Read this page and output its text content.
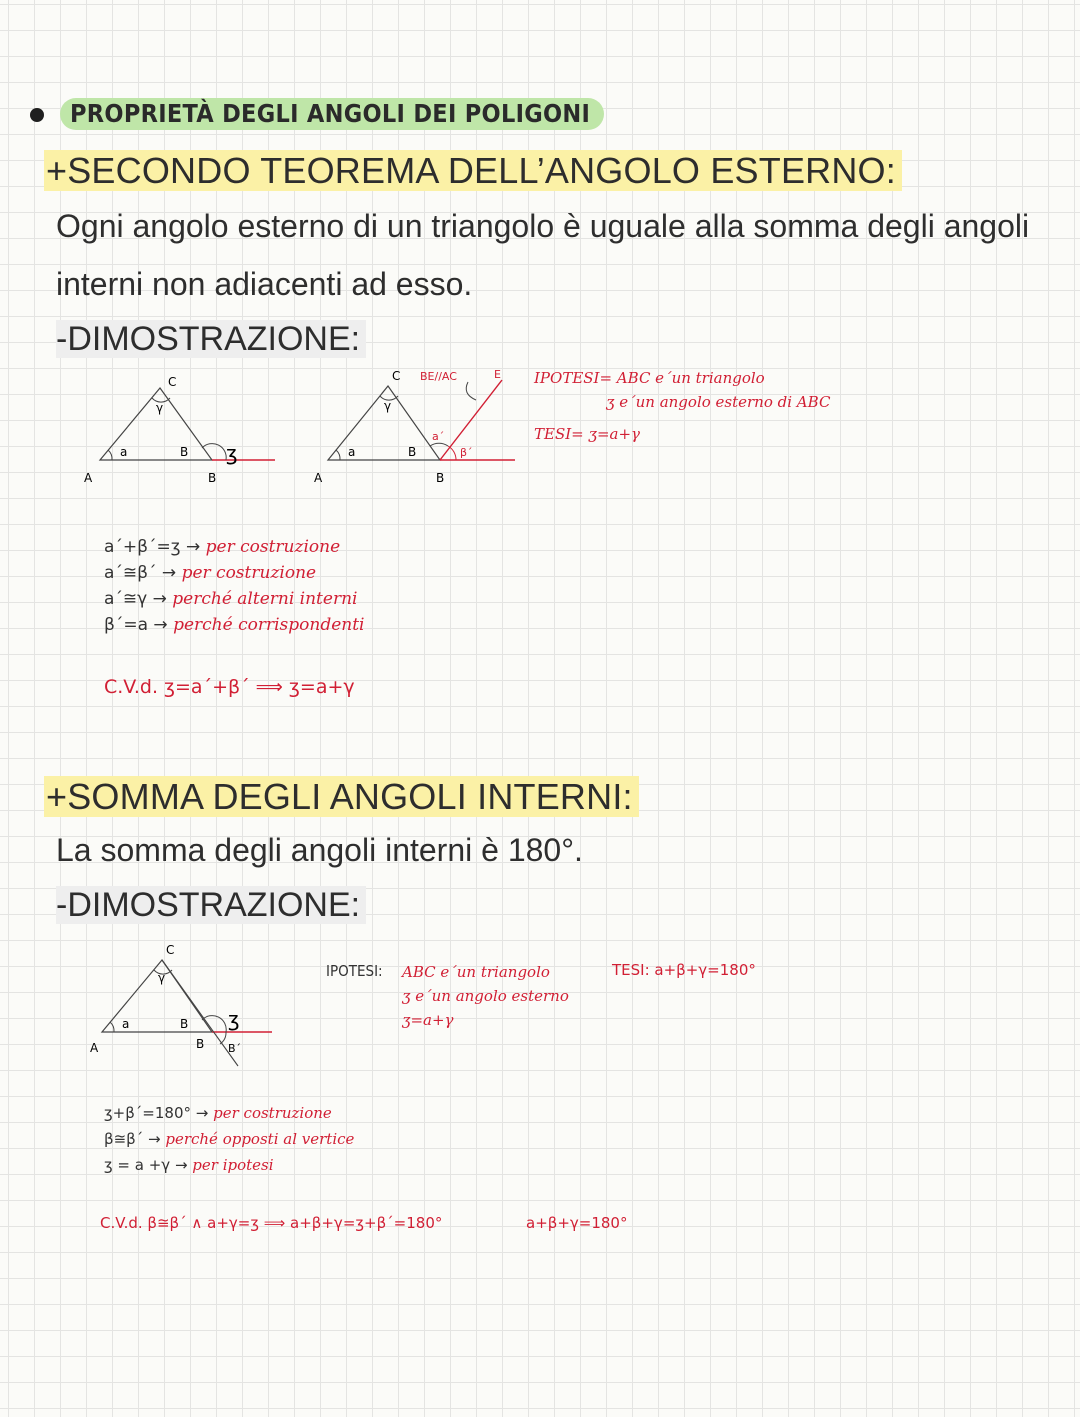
PROPRIETÀ DEGLI ANGOLI DEI POLIGONI
+SECONDO TEOREMA DELL’ANGOLO ESTERNO:
Ogni angolo esterno di un triangolo è uguale alla somma degli angoli
interni non adiacenti ad esso.
-DIMOSTRAZIONE:
A
a
C
γ
B
B
ʒ
A
a
C
γ
B
B
a´
β´
BE//AC	E IPOTESI= ABC e´un triangolo
ʒ e´un angolo esterno di ABC
TESI= ʒ=a+γ
a´+β´=ʒ → per costruzione
a´≅β´ → per costruzione
a´≅γ → perché alterni interni
β´=a → perché corrispondenti
C.V.d. ʒ=a´+β´ ⟹ ʒ=a+γ
+SOMMA DEGLI ANGOLI INTERNI:
La somma degli angoli interni è 180°.
-DIMOSTRAZIONE:
A
a
C
γ
B
B
ʒ
B´
IPOTESI: ABC e´un triangolo
ʒ e´un angolo esterno
ʒ=a+γ
TESI: a+β+γ=180°
ʒ+β´=180° → per costruzione
β≅β´ → perché opposti al vertice
ʒ = a +γ → per ipotesi
C.V.d. β≅β´ ∧ a+γ=ʒ ⟹ a+β+γ=ʒ+β´=180°	a+β+γ=180°
